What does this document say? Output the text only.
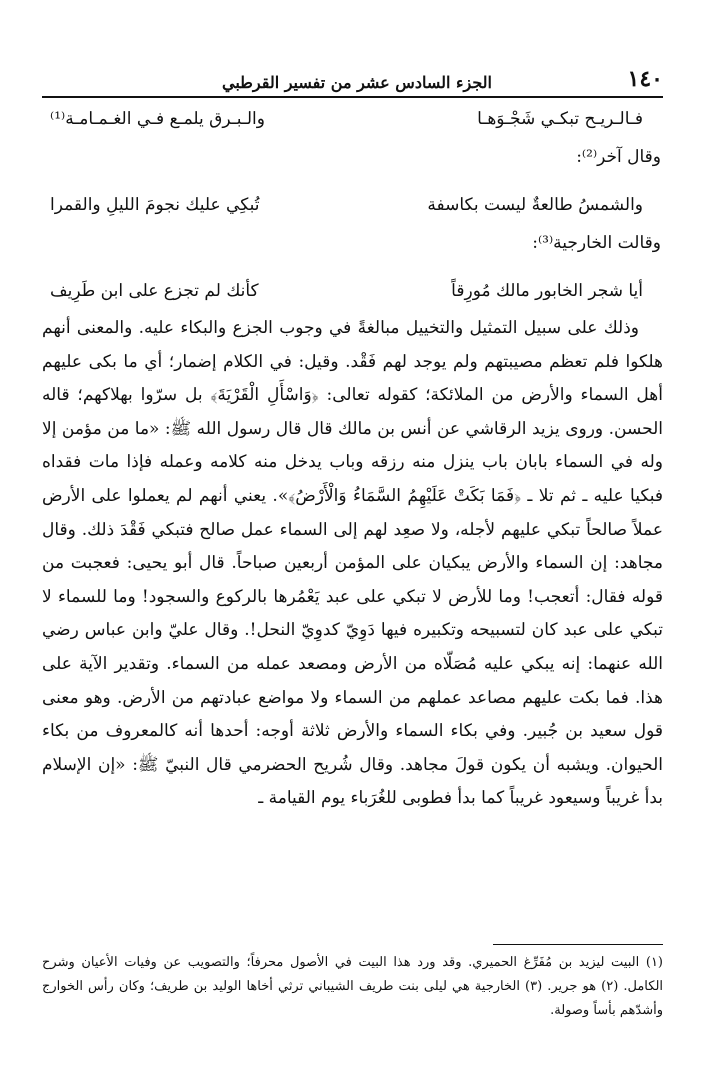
الجزء السادس عشر من تفسير القرطبي	١٤٠
فـالـريـح تبكـي شَجْـوَهـا
والـبـرق يلمـع فـي الغـمـامـة⁽¹⁾
وقال آخر⁽²⁾:
والشمسُ طالعةٌ ليست بكاسفة
تُبكِي عليك نجومَ الليلِ والقمرا
وقالت الخارجية⁽³⁾:
أيا شجر الخابور مالك مُورِقاً
كأنك لم تجزع على ابن طَرِيف

وذلك على سبيل التمثيل والتخييل مبالغةً في وجوب الجزع والبكاء عليه. والمعنى أنهم هلكوا فلم تعظم مصيبتهم ولم يوجد لهم فَقْد. وقيل: في الكلام إضمار؛ أي ما بكى عليهم أهل السماء والأرض من الملائكة؛ كقوله تعالى: ﴿وَاسْأَلِ الْقَرْيَةَ﴾ بل سرّوا بهلاكهم؛ قاله الحسن. وروى يزيد الرقاشي عن أنس بن مالك قال قال رسول الله ﷺ: «ما من مؤمن إلا وله في السماء بابان باب ينزل منه رزقه وباب يدخل منه كلامه وعمله فإذا مات فقداه فبكيا عليه ـ ثم تلا ـ ﴿فَمَا بَكَتْ عَلَيْهِمُ السَّمَاءُ وَالْأَرْضُ﴾». يعني أنهم لم يعملوا على الأرض عملاً صالحاً تبكي عليهم لأجله، ولا صعِد لهم إلى السماء عمل صالح فتبكي فَقْدَ ذلك. وقال مجاهد: إن السماء والأرض يبكيان على المؤمن أربعين صباحاً. قال أبو يحيى: فعجبت من قوله فقال: أتعجب! وما للأرض لا تبكي على عبد يَعْمُرها بالركوع والسجود! وما للسماء لا تبكي على عبد كان لتسبيحه وتكبيره فيها دَوِيّ كدوِيّ النحل!. وقال عليّ وابن عباس رضي الله عنهما: إنه يبكي عليه مُصَلّاه من الأرض ومصعد عمله من السماء. وتقدير الآية على هذا. فما بكت عليهم مصاعد عملهم من السماء ولا مواضع عبادتهم من الأرض. وهو معنى قول سعيد بن جُبير. وفي بكاء السماء والأرض ثلاثة أوجه: أحدها أنه كالمعروف من بكاء الحيوان. ويشبه أن يكون قولَ مجاهد. وقال شُريح الحضرمي قال النبيّ ﷺ: «إن الإسلام بدأ غريباً وسيعود غريباً كما بدأ فطوبى للغُرَباء يوم القيامة ـ

(١) البيت ليزيد بن مُفَرِّغ الحميري. وقد ورد هذا البيت في الأصول محرفاً؛ والتصويب عن وفيات الأعيان وشرح الكامل. (٢) هو جرير. (٣) الخارجية هي ليلى بنت طريف الشيباني ترثي أخاها الوليد بن طريف؛ وكان رأس الخوارج وأشدّهم بأساً وصولة.
